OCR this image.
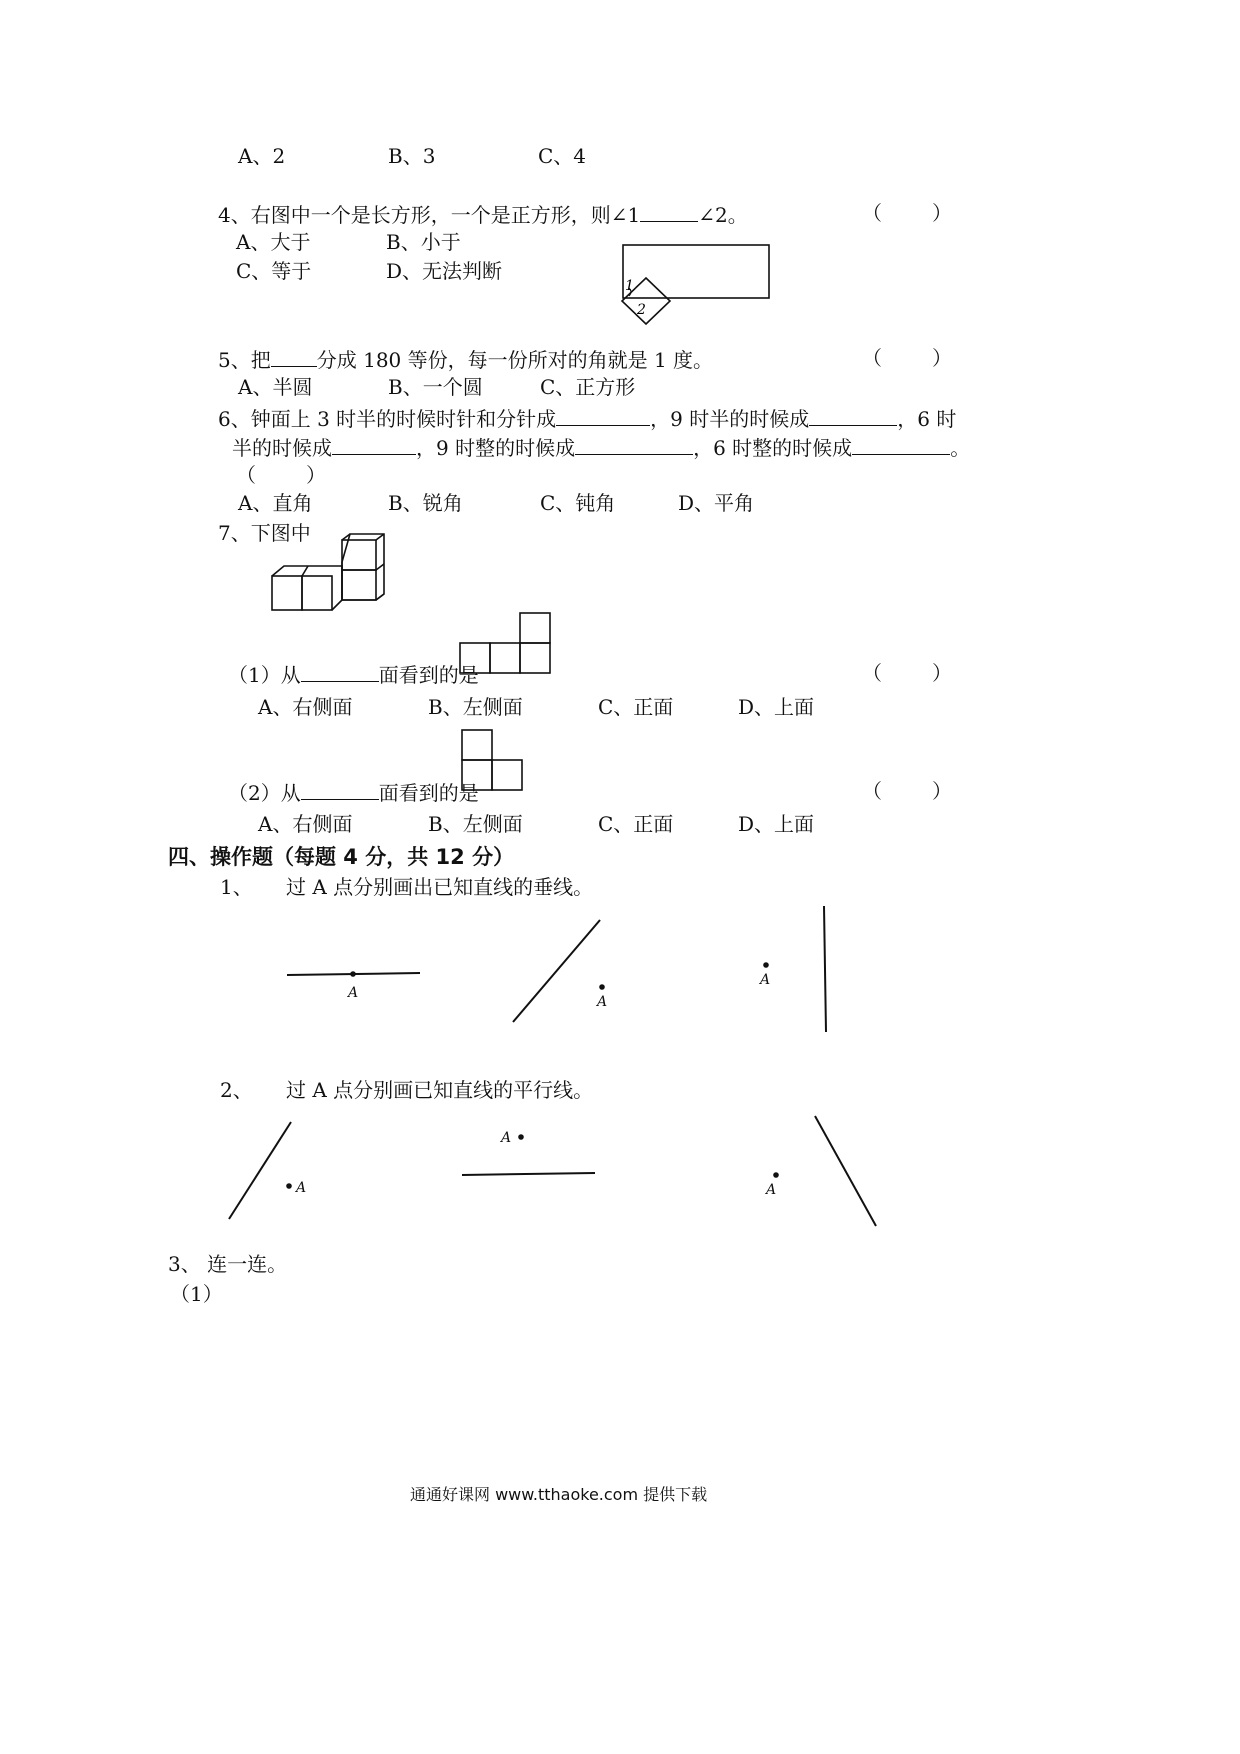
A、2	B、3	C、4
4、右图中一个是长方形，一个是正方形，则∠1	∠2。	（	）
A、大于	B、小于
C、等于	D、无法判断
1
2
5、把 分成 180 等份，每一份所对的角就是 1 度。	（	）
A、半圆	B、一个圆	C、正方形
6、钟面上 3 时半的时候时针和分针成	，9 时半的时候成	，6 时
半的时候成	，9 时整的时候成	，6 时整的时候成	。
（	）
A、直角	B、锐角	C、钝角	D、平角
7、下图中
（1）从	面看到的是	（	）
A、右侧面	B、左侧面	C、正面	D、上面
（2）从	面看到的是	（	）
A、右侧面	B、左侧面	C、正面	D、上面
四、操作题（每题 4 分，共 12 分）
1、 过 A 点分别画出已知直线的垂线。
A
A
A
A
A
A
2、 过 A 点分别画已知直线的平行线。
3、 连一连。
（1）
通通好课网 www.tthaoke.com 提供下载
